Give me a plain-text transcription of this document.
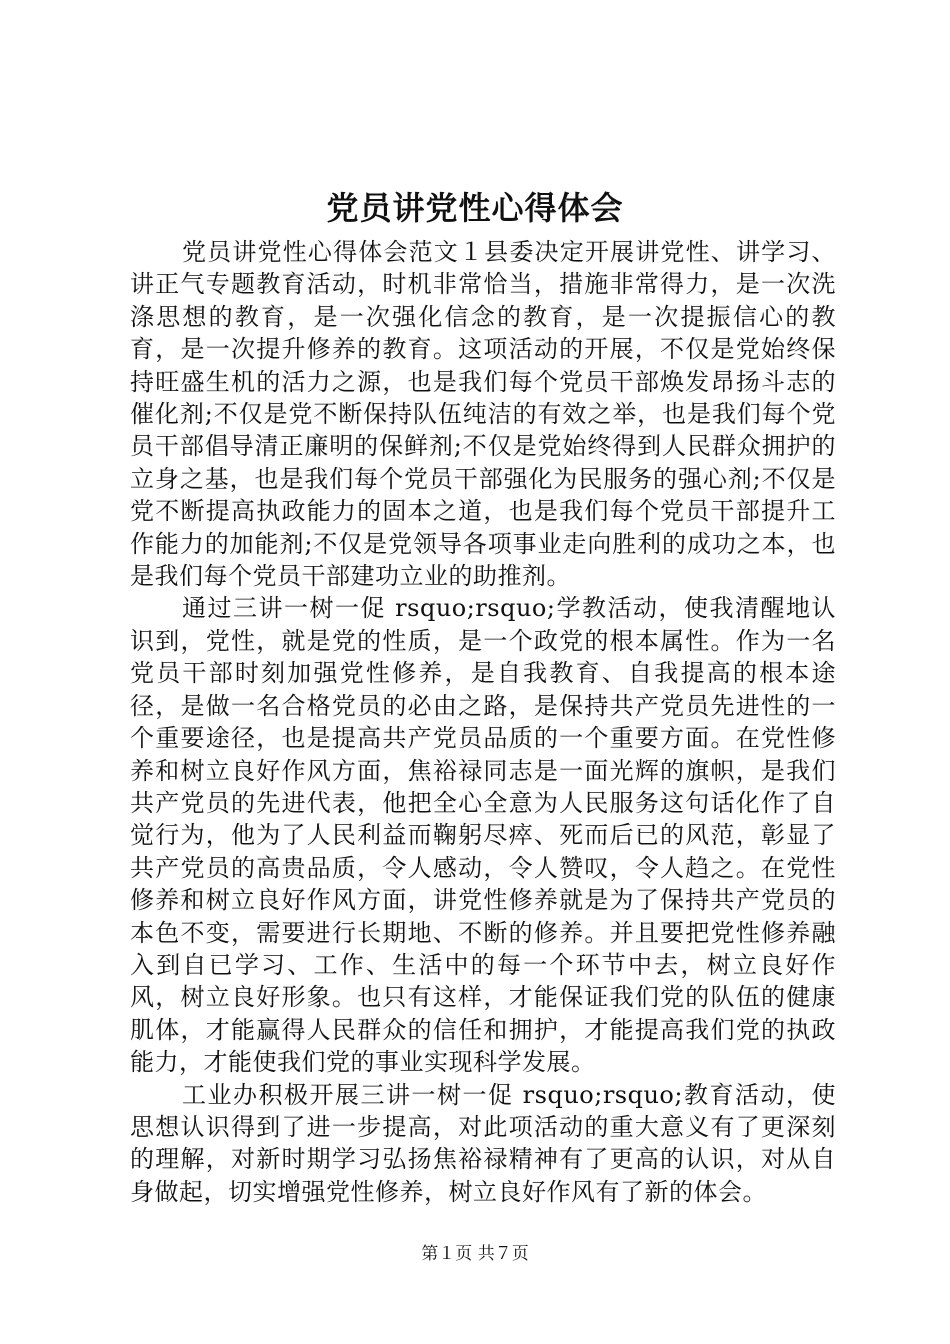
党员讲党性心得体会

党员讲党性心得体会范文１县委决定开展讲党性、讲学习、讲正气专题教育活动，时机非常恰当，措施非常得力，是一次洗涤思想的教育，是一次强化信念的教育，是一次提振信心的教育，是一次提升修养的教育。这项活动的开展，不仅是党始终保持旺盛生机的活力之源，也是我们每个党员干部焕发昂扬斗志的催化剂;不仅是党不断保持队伍纯洁的有效之举，也是我们每个党员干部倡导清正廉明的保鲜剂;不仅是党始终得到人民群众拥护的立身之基，也是我们每个党员干部强化为民服务的强心剂;不仅是党不断提高执政能力的固本之道，也是我们每个党员干部提升工作能力的加能剂;不仅是党领导各项事业走向胜利的成功之本，也是我们每个党员干部建功立业的助推剂。

通过三讲一树一促 rsquo;rsquo;学教活动，使我清醒地认识到，党性，就是党的性质，是一个政党的根本属性。作为一名党员干部时刻加强党性修养，是自我教育、自我提高的根本途径，是做一名合格党员的必由之路，是保持共产党员先进性的一个重要途径，也是提高共产党员品质的一个重要方面。在党性修养和树立良好作风方面，焦裕禄同志是一面光辉的旗帜，是我们共产党员的先进代表，他把全心全意为人民服务这句话化作了自觉行为，他为了人民利益而鞠躬尽瘁、死而后已的风范，彰显了共产党员的高贵品质，令人感动，令人赞叹，令人趋之。在党性修养和树立良好作风方面，讲党性修养就是为了保持共产党员的本色不变，需要进行长期地、不断的修养。并且要把党性修养融入到自已学习、工作、生活中的每一个环节中去，树立良好作风，树立良好形象。也只有这样，才能保证我们党的队伍的健康肌体，才能赢得人民群众的信任和拥护，才能提高我们党的执政能力，才能使我们党的事业实现科学发展。

工业办积极开展三讲一树一促 rsquo;rsquo;教育活动，使思想认识得到了进一步提高，对此项活动的重大意义有了更深刻的理解，对新时期学习弘扬焦裕禄精神有了更高的认识，对从自身做起，切实增强党性修养，树立良好作风有了新的体会。

第１页 共７页
